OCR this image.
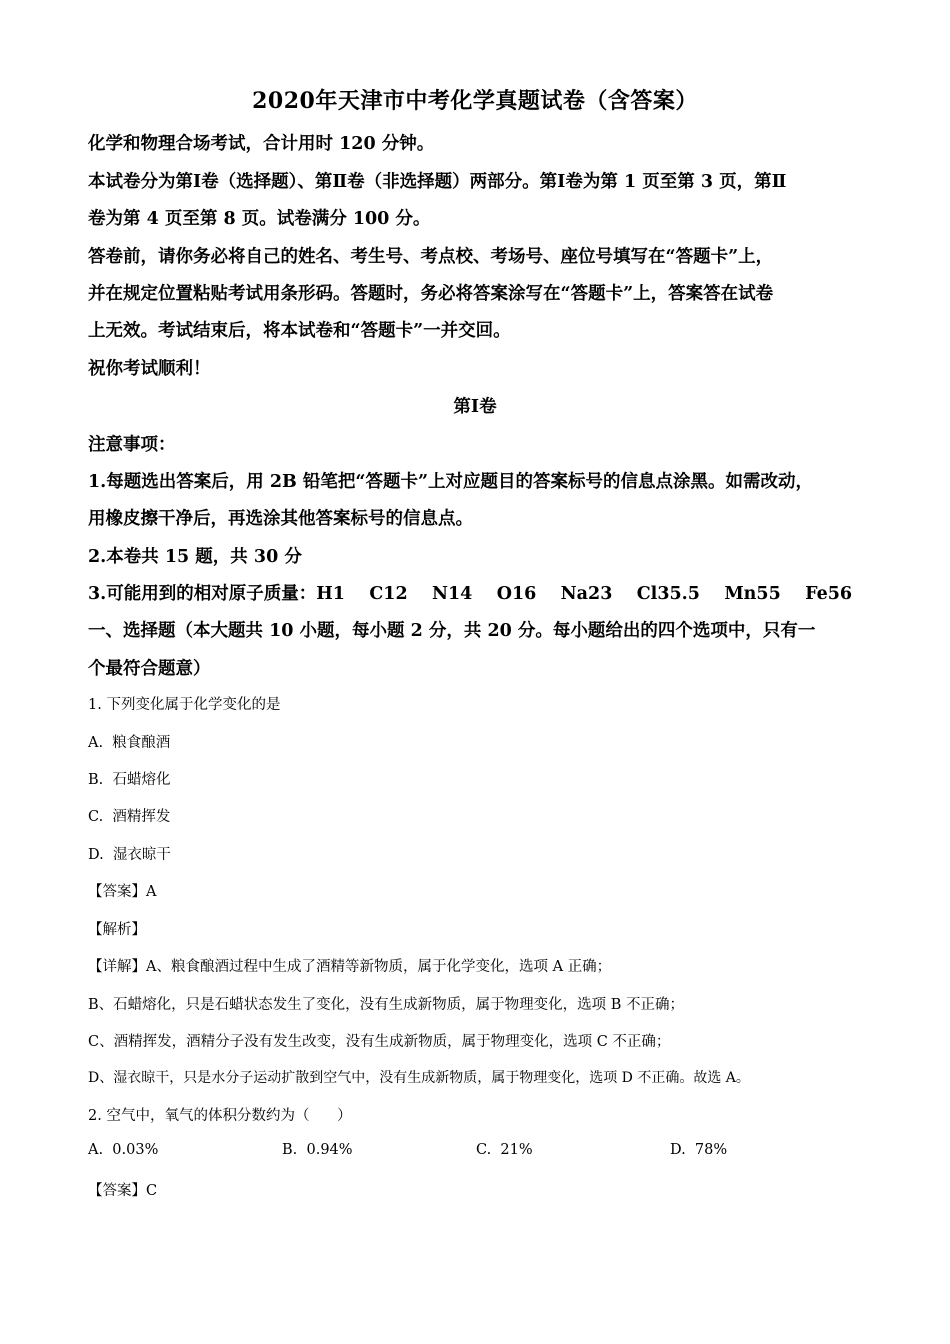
2020年天津市中考化学真题试卷（含答案）
化学和物理合场考试，合计用时 120 分钟。
本试卷分为第Ⅰ卷（选择题）、第Ⅱ卷（非选择题）两部分。第Ⅰ卷为第 1 页至第 3 页，第Ⅱ
卷为第 4 页至第 8 页。试卷满分 100 分。
答卷前，请你务必将自己的姓名、考生号、考点校、考场号、座位号填写在“答题卡”上，
并在规定位置粘贴考试用条形码。答题时，务必将答案涂写在“答题卡”上，答案答在试卷
上无效。考试结束后，将本试卷和“答题卡”一并交回。
祝你考试顺利！
第Ⅰ卷
注意事项：
1.每题选出答案后，用 2B 铅笔把“答题卡”上对应题目的答案标号的信息点涂黑。如需改动，
用橡皮擦干净后，再选涂其他答案标号的信息点。
2.本卷共 15 题，共 30 分
3.可能用到的相对原子质量：H1    C12    N14    O16    Na23    Cl35.5    Mn55    Fe56
一、选择题（本大题共 10 小题，每小题 2 分，共 20 分。每小题给出的四个选项中，只有一
个最符合题意）
1. 下列变化属于化学变化的是
A.  粮食酿酒
B.  石蜡熔化
C.  酒精挥发
D.  湿衣晾干
【答案】A
【解析】
【详解】A、粮食酿酒过程中生成了酒精等新物质，属于化学变化，选项 A 正确；
B、石蜡熔化，只是石蜡状态发生了变化，没有生成新物质，属于物理变化，选项 B 不正确；
C、酒精挥发，酒精分子没有发生改变，没有生成新物质，属于物理变化，选项 C 不正确；
D、湿衣晾干，只是水分子运动扩散到空气中，没有生成新物质，属于物理变化，选项 D 不正确。故选 A。
2. 空气中，氧气的体积分数约为（      ）
A.  0.03%	B.  0.94%	C.  21%	D.  78%
【答案】C
